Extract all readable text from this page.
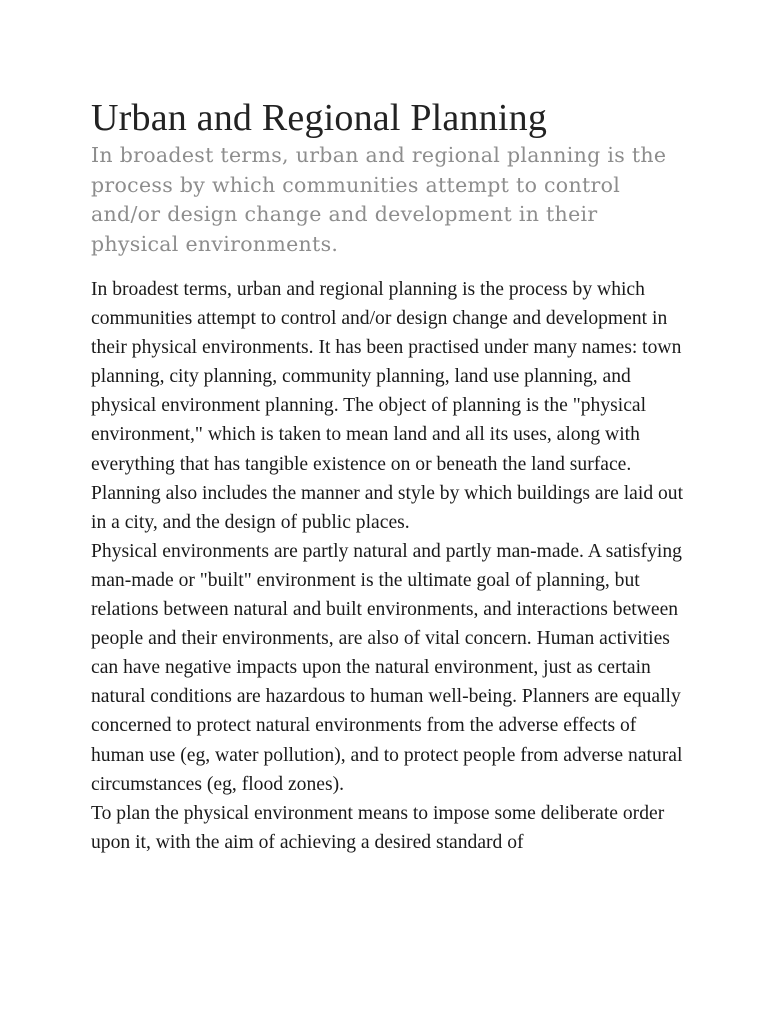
Urban and Regional Planning
In broadest terms, urban and regional planning is the process by which communities attempt to control and/or design change and development in their physical environments.

In broadest terms, urban and regional planning is the process by which communities attempt to control and/or design change and development in their physical environments. It has been practised under many names: town planning, city planning, community planning, land use planning, and physical environment planning. The object of planning is the "physical environment," which is taken to mean land and all its uses, along with everything that has tangible existence on or beneath the land surface. Planning also includes the manner and style by which buildings are laid out in a city, and the design of public places.

Physical environments are partly natural and partly man-made. A satisfying man-made or "built" environment is the ultimate goal of planning, but relations between natural and built environments, and interactions between people and their environments, are also of vital concern. Human activities can have negative impacts upon the natural environment, just as certain natural conditions are hazardous to human well-being. Planners are equally concerned to protect natural environments from the adverse effects of human use (eg, water pollution), and to protect people from adverse natural circumstances (eg, flood zones).

To plan the physical environment means to impose some deliberate order upon it, with the aim of achieving a desired standard of
